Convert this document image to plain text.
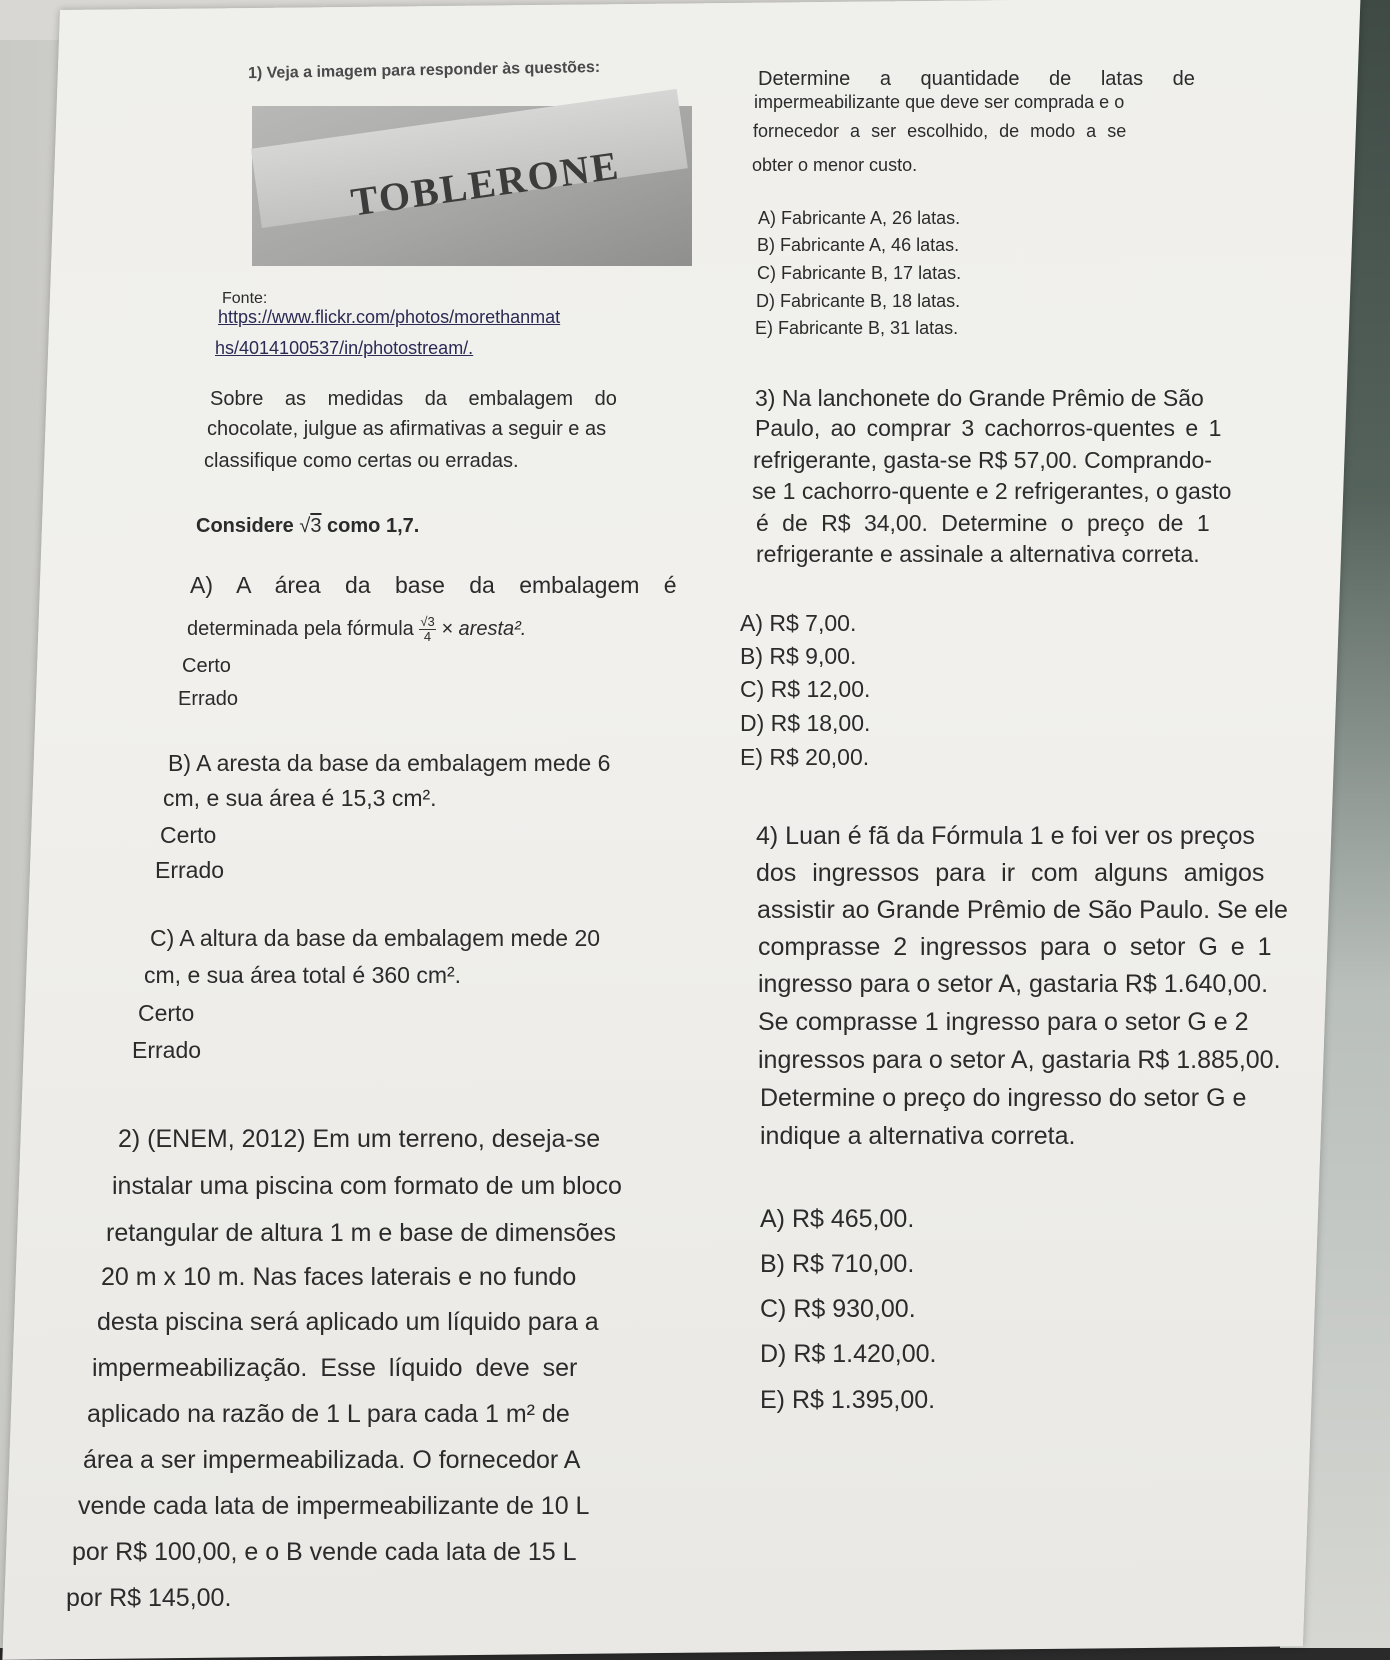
1) Veja a imagem para responder às questões:
TOBLERONE
Fonte:
https://www.flickr.com/photos/morethanmat
hs/4014100537/in/photostream/.
Determine a quantidade de latas de
impermeabilizante que deve ser comprada e o
fornecedor a ser escolhido, de modo a se
obter o menor custo.
A) Fabricante A, 26 latas.
B) Fabricante A, 46 latas.
C) Fabricante B, 17 latas.
D) Fabricante B, 18 latas.
E) Fabricante B, 31 latas.
Sobre as medidas da embalagem do
chocolate, julgue as afirmativas a seguir e as
classifique como certas ou erradas.
Considere √3 como 1,7.
A) A área da base da embalagem é
determinada pela fórmula $\frac{√3}{4}$ × aresta².
Certo
Errado
B) A aresta da base da embalagem mede 6
cm, e sua área é 15,3 cm².
Certo
Errado
C) A altura da base da embalagem mede 20
cm, e sua área total é 360 cm².
Certo
Errado
3) Na lanchonete do Grande Prêmio de São
Paulo, ao comprar 3 cachorros-quentes e 1
refrigerante, gasta-se R$ 57,00. Comprando-
se 1 cachorro-quente e 2 refrigerantes, o gasto
é de R$ 34,00. Determine o preço de 1
refrigerante e assinale a alternativa correta.
A) R$ 7,00.
B) R$ 9,00.
C) R$ 12,00.
D) R$ 18,00.
E) R$ 20,00.
4) Luan é fã da Fórmula 1 e foi ver os preços
dos ingressos para ir com alguns amigos
assistir ao Grande Prêmio de São Paulo. Se ele
comprasse 2 ingressos para o setor G e 1
ingresso para o setor A, gastaria R$ 1.640,00.
Se comprasse 1 ingresso para o setor G e 2
ingressos para o setor A, gastaria R$ 1.885,00.
Determine o preço do ingresso do setor G e
indique a alternativa correta.
A) R$ 465,00.
B) R$ 710,00.
C) R$ 930,00.
D) R$ 1.420,00.
E) R$ 1.395,00.
2) (ENEM, 2012) Em um terreno, deseja-se
instalar uma piscina com formato de um bloco
retangular de altura 1 m e base de dimensões
20 m x 10 m. Nas faces laterais e no fundo
desta piscina será aplicado um líquido para a
impermeabilização. Esse líquido deve ser
aplicado na razão de 1 L para cada 1 m² de
área a ser impermeabilizada. O fornecedor A
vende cada lata de impermeabilizante de 10 L
por R$ 100,00, e o B vende cada lata de 15 L
por R$ 145,00.
